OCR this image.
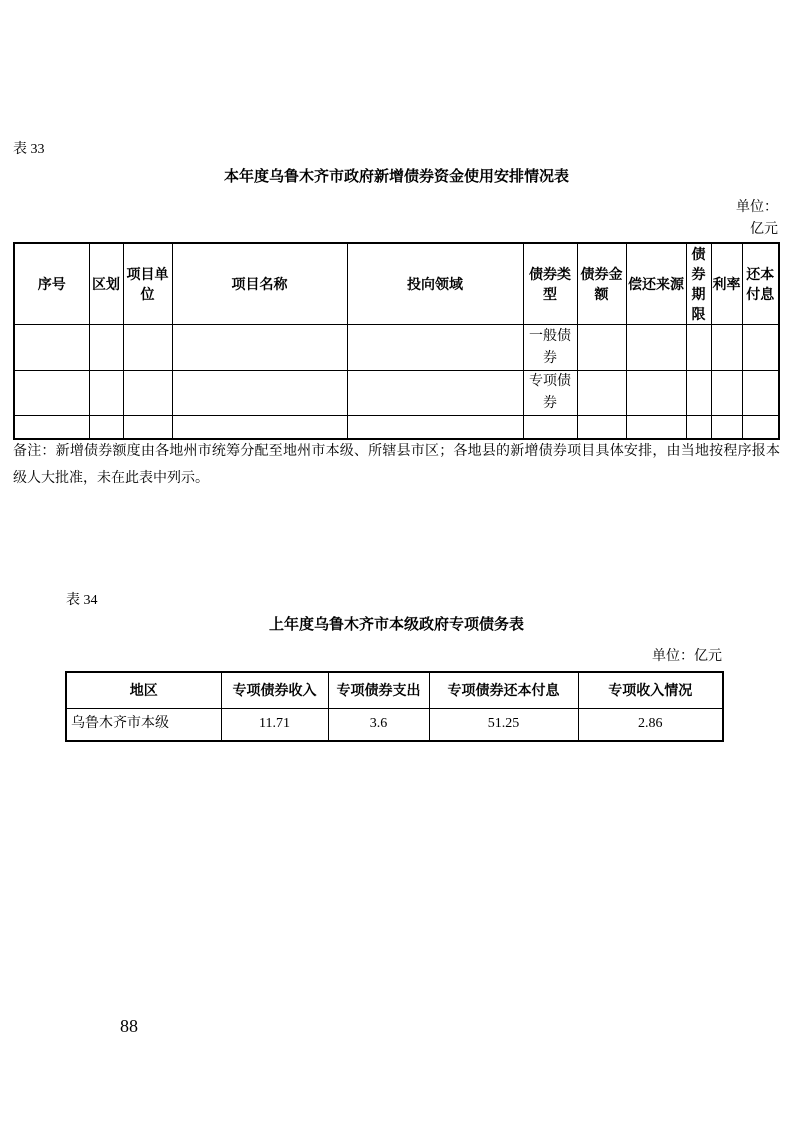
表 33
本年度乌鲁木齐市政府新增债券资金使用安排情况表
单位：
亿元
序号	区划	项目单位	项目名称	投向领域	债券类型	债券金额	偿还来源	债券期限	利率	还本付息
					一般债券					
					专项债券					

备注：新增债券额度由各地州市统筹分配至地州市本级、所辖县市区；各地县的新增债券项目具体安排，由当地按程序报本级人大批准，未在此表中列示。
表 34
上年度乌鲁木齐市本级政府专项债务表
单位：亿元
地区	专项债券收入	专项债券支出	专项债券还本付息	专项收入情况
乌鲁木齐市本级	11.71	3.6	51.25	2.86
88
